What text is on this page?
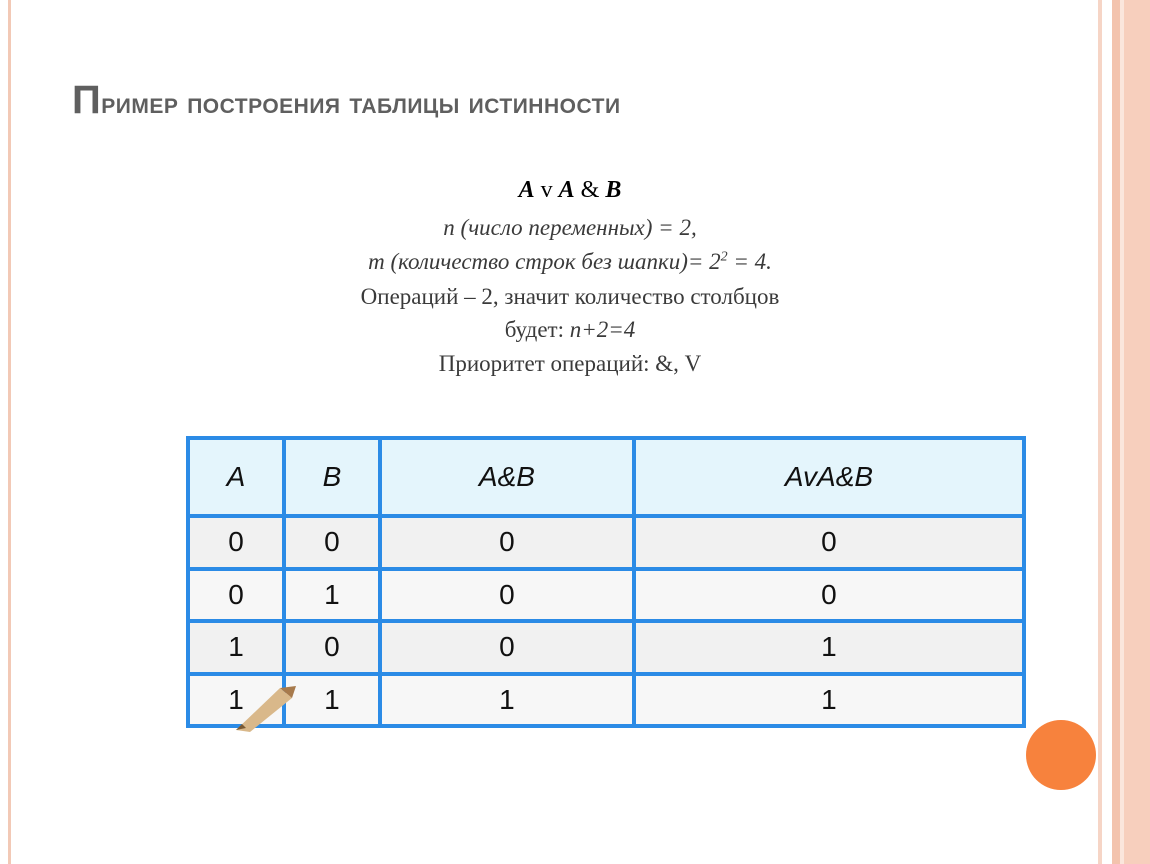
Пример построения таблицы истинности
A v A & B
n (число переменных) = 2,
m (количество строк без шапки)= $2^2 = 4$.
Операций – 2, значит количество столбцов
будет: n+2=4
Приоритет операций: &, V
A	B	A&B	AvA&B
0	0	0	0
0	1	0	0
1	0	0	1
1	1	1	1
